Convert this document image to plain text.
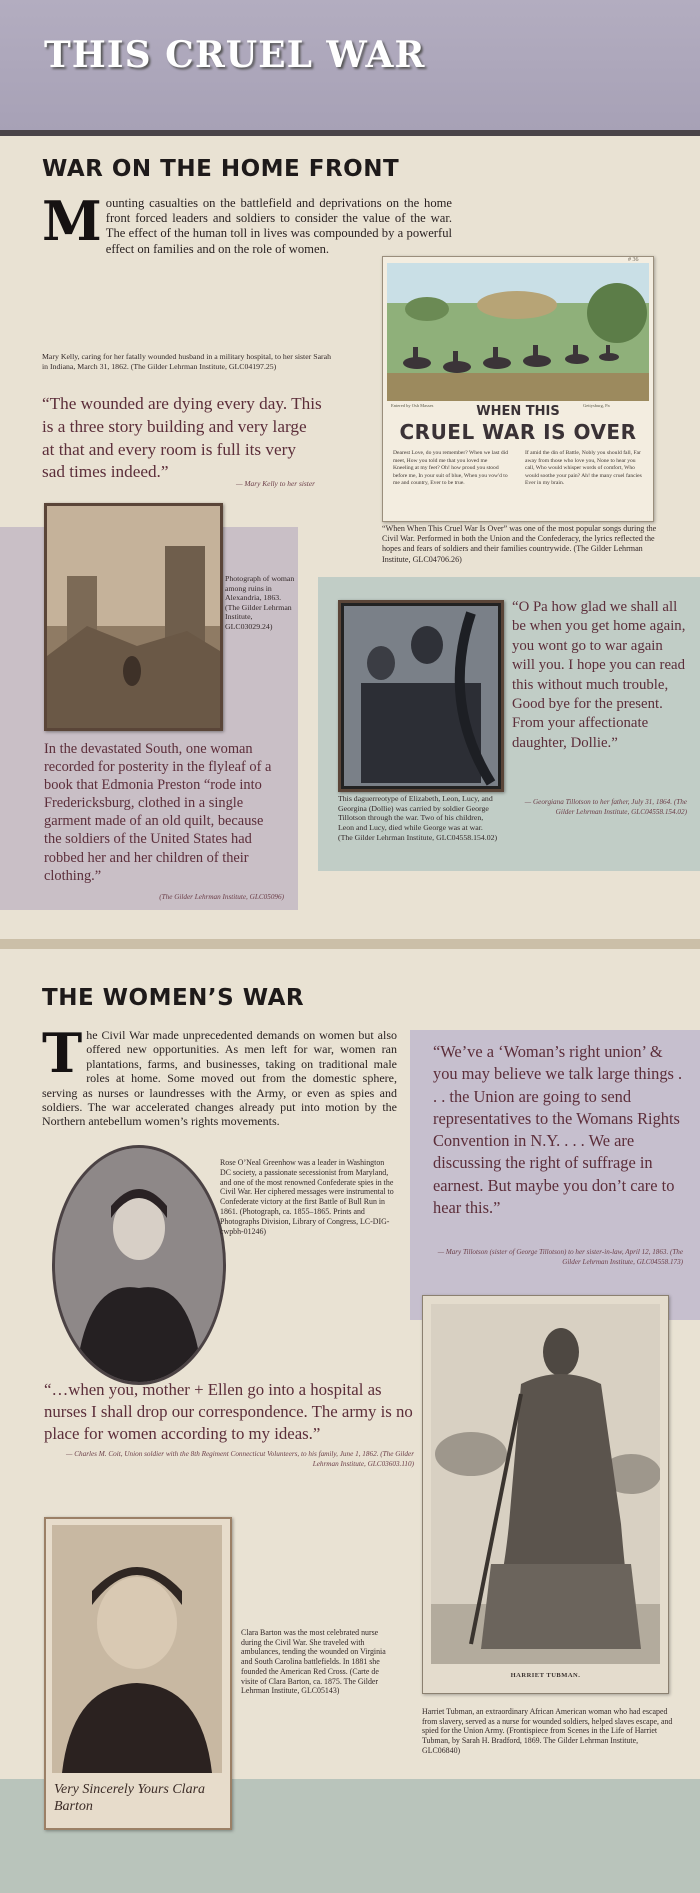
THIS CRUEL WAR
WAR ON THE HOME FRONT
Mounting casualties on the battlefield and deprivations on the home front forced leaders and soldiers to consider the value of the war. The effect of the human toll in lives was compounded by a powerful effect on families and on the role of women.
# 36
Entered by Osh Masses	Gettysburg, Pa
WHEN THIS
CRUEL WAR IS OVER
Dearest Love, do you remember? When we last did meet, How you told me that you loved me Kneeling at my feet? Oh! how proud you stood before me, In your suit of blue, When you vow'd to me and country, Ever to be true.
If amid the din of Battle, Nobly you should fall, Far away from those who love you, None to hear you call, Who would whisper words of comfort, Who would soothe your pain? Ah! the many cruel fancies Ever in my brain.
“When When This Cruel War Is Over” was one of the most popular songs during the Civil War. Performed in both the Union and the Confederacy, the lyrics reflected the hopes and fears of soldiers and their families countrywide. (The Gilder Lehrman Institute, GLC04706.26)
Mary Kelly, caring for her fatally wounded husband in a military hospital, to her sister Sarah in Indiana, March 31, 1862. (The Gilder Lehrman Institute, GLC04197.25)
“The wounded are dying every day. This is a three story building and very large at that and every room is full its very sad times indeed.”
— Mary Kelly to her sister
Photograph of woman among ruins in Alexandria, 1863. (The Gilder Lehrman Institute, GLC03029.24)
In the devastated South, one woman recorded for posterity in the flyleaf of a book that Edmonia Preston “rode into Fredericksburg, clothed in a single garment made of an old quilt, because the soldiers of the United States had robbed her and her children of their clothing.”
(The Gilder Lehrman Institute, GLC05096)
This daguerreotype of Elizabeth, Leon, Lucy, and Georgina (Dollie) was carried by soldier George Tillotson through the war. Two of his children, Leon and Lucy, died while George was at war. (The Gilder Lehrman Institute, GLC04558.154.02)
“O Pa how glad we shall all be when you get home again, you wont go to war again will you. I hope you can read this without much trouble, Good bye for the present. From your affectionate daughter, Dollie.”
— Georgiana Tillotson to her father, July 31, 1864. (The Gilder Lehrman Institute, GLC04558.154.02)
THE WOMEN’S WAR
The Civil War made unprecedented demands on women but also offered new opportunities. As men left for war, women ran plantations, farms, and businesses, taking on traditional male roles at home. Some moved out from the domestic sphere, serving as nurses or laundresses with the Army, or even as spies and soldiers. The war accelerated changes already put into motion by the Northern antebellum women’s rights movements.
“We’ve a ‘Woman’s right union’ & you may believe we talk large things . . . the Union are going to send representatives to the Womans Rights Convention in N.Y. . . . We are discussing the right of suffrage in earnest. But maybe you don’t care to hear this.”
— Mary Tillotson (sister of George Tillotson) to her sister-in-law, April 12, 1863. (The Gilder Lehrman Institute, GLC04558.173)
Rose O’Neal Greenhow was a leader in Washington DC society, a passionate secessionist from Maryland, and one of the most renowned Confederate spies in the Civil War. Her ciphered messages were instrumental to Confederate victory at the first Battle of Bull Run in 1861. (Photograph, ca. 1855–1865. Prints and Photographs Division, Library of Congress, LC-DIG-cwpbh-01246)
“…when you, mother + Ellen go into a hospital as nurses I shall drop our correspondence. The army is no place for women according to my ideas.”
— Charles M. Coit, Union soldier with the 8th Regiment Connecticut Volunteers, to his family, June 1, 1862. (The Gilder Lehrman Institute, GLC03603.110)
HARRIET TUBMAN.
Harriet Tubman, an extraordinary African American woman who had escaped from slavery, served as a nurse for wounded soldiers, helped slaves escape, and spied for the Union Army. (Frontispiece from Scenes in the Life of Harriet Tubman, by Sarah H. Bradford, 1869. The Gilder Lehrman Institute, GLC06840)
Very Sincerely Yours Clara Barton
Clara Barton was the most celebrated nurse during the Civil War. She traveled with ambulances, tending the wounded on Virginia and South Carolina battlefields. In 1881 she founded the American Red Cross. (Carte de visite of Clara Barton, ca. 1875. The Gilder Lehrman Institute, GLC05143)
